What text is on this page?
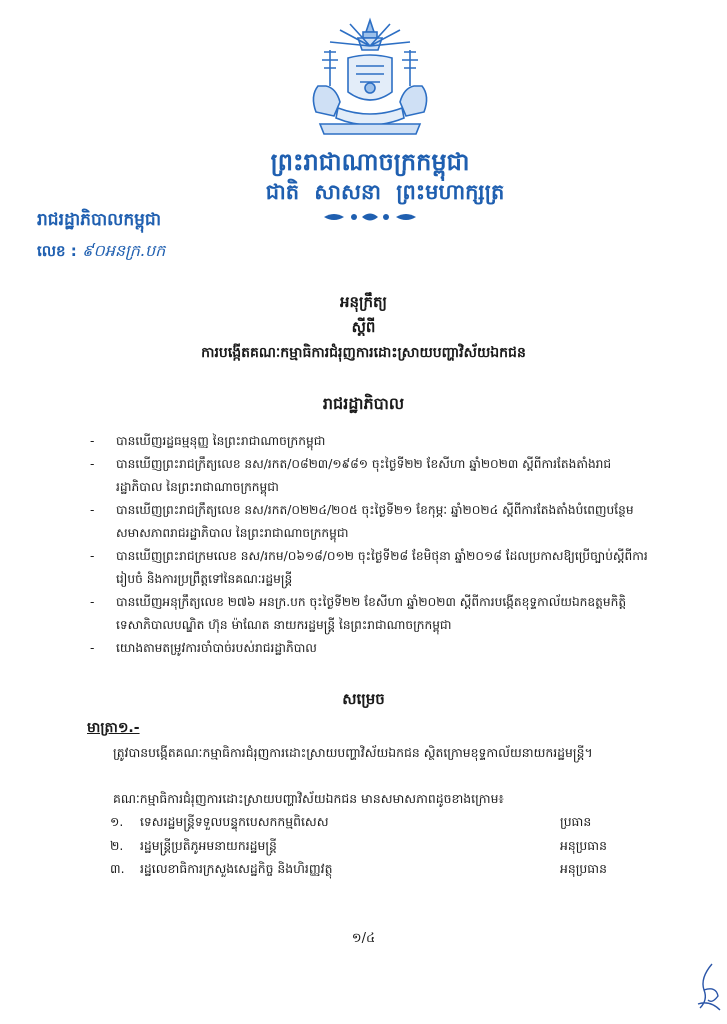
ព្រះរាជាណាចក្រកម្ពុជា
ជាតិ សាសនា ព្រះមហាក្សត្រ
រាជរដ្ឋាភិបាលកម្ពុជា
លេខ : ៩០អនក្រ.បក
អនុក្រឹត្យ
ស្តីពី
ការបង្កើតគណៈកម្មាធិការជំរុញការដោះស្រាយបញ្ហាវិស័យឯកជន
រាជរដ្ឋាភិបាល
- បានឃើញរដ្ឋធម្មនុញ្ញ នៃព្រះរាជាណាចក្រកម្ពុជា
- បានឃើញព្រះរាជក្រឹត្យលេខ នស/រកត/០៨២៣/១៩៨១ ចុះថ្ងៃទី២២ ខែសីហា ឆ្នាំ២០២៣ ស្តីពីការតែងតាំងរាជរដ្ឋាភិបាល នៃព្រះរាជាណាចក្រកម្ពុជា
- បានឃើញព្រះរាជក្រឹត្យលេខ នស/រកត/០២២៤/២០៥ ចុះថ្ងៃទី២១ ខែកុម្ភៈ ឆ្នាំ២០២៤ ស្តីពីការតែងតាំងបំពេញបន្ថែមសមាសភាពរាជរដ្ឋាភិបាល នៃព្រះរាជាណាចក្រកម្ពុជា
- បានឃើញព្រះរាជក្រមលេខ នស/រកម/០៦១៨/០១២ ចុះថ្ងៃទី២៨ ខែមិថុនា ឆ្នាំ២០១៨ ដែលប្រកាសឱ្យប្រើច្បាប់ស្តីពីការរៀបចំ និងការប្រព្រឹត្តទៅនៃគណៈរដ្ឋមន្ត្រី
- បានឃើញអនុក្រឹត្យលេខ ២៧៦ អនក្រ.បក ចុះថ្ងៃទី២២ ខែសីហា ឆ្នាំ២០២៣ ស្តីពីការបង្កើតខុទ្ទកាល័យឯកឧត្តមកិត្តិទេសាភិបាលបណ្ឌិត ហ៊ុន ម៉ាណែត នាយករដ្ឋមន្ត្រី នៃព្រះរាជាណាចក្រកម្ពុជា
- យោងតាមតម្រូវការចាំបាច់របស់រាជរដ្ឋាភិបាល
សម្រេច
មាត្រា១.-
ត្រូវបានបង្កើតគណៈកម្មាធិការជំរុញការដោះស្រាយបញ្ហាវិស័យឯកជន ស្ថិតក្រោមខុទ្ទកាល័យនាយករដ្ឋមន្ត្រី។
គណៈកម្មាធិការជំរុញការដោះស្រាយបញ្ហាវិស័យឯកជន មានសមាសភាពដូចខាងក្រោម៖
១.	ទេសរដ្ឋមន្ត្រីទទួលបន្ទុកបេសកកម្មពិសេស	ប្រធាន
២.	រដ្ឋមន្ត្រីប្រតិភូអមនាយករដ្ឋមន្ត្រី	អនុប្រធាន
៣.	រដ្ឋលេខាធិការក្រសួងសេដ្ឋកិច្ច និងហិរញ្ញវត្ថុ	អនុប្រធាន
១/៤
